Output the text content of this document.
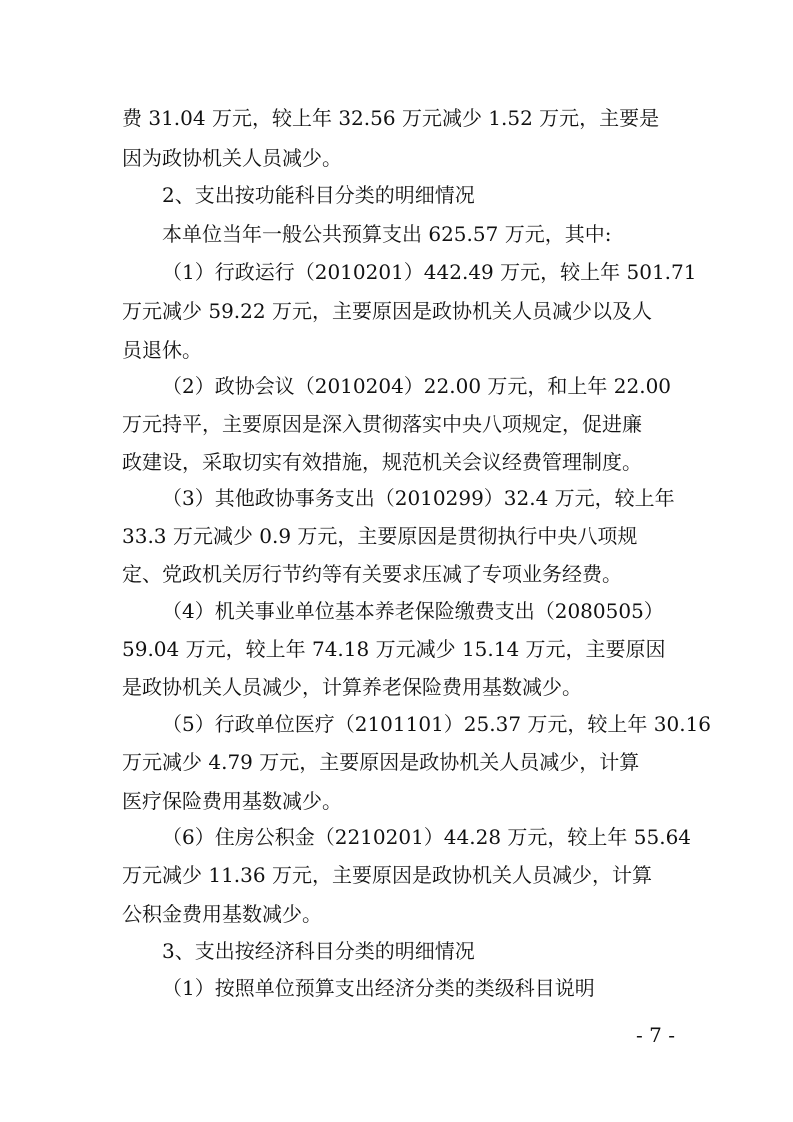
费 31.04 万元，较上年 32.56 万元减少 1.52 万元，主要是
因为政协机关人员减少。
2、支出按功能科目分类的明细情况
本单位当年一般公共预算支出 625.57 万元，其中:
（1）行政运行（2010201）442.49 万元，较上年 501.71
万元减少 59.22 万元，主要原因是政协机关人员减少以及人
员退休。
（2）政协会议（2010204）22.00 万元，和上年 22.00
万元持平，主要原因是深入贯彻落实中央八项规定，促进廉
政建设，采取切实有效措施，规范机关会议经费管理制度。
（3）其他政协事务支出（2010299）32.4 万元，较上年
33.3 万元减少 0.9 万元，主要原因是贯彻执行中央八项规
定、党政机关厉行节约等有关要求压减了专项业务经费。
（4）机关事业单位基本养老保险缴费支出（2080505）
59.04 万元，较上年 74.18 万元减少 15.14 万元，主要原因
是政协机关人员减少，计算养老保险费用基数减少。
（5）行政单位医疗（2101101）25.37 万元，较上年 30.16
万元减少 4.79 万元，主要原因是政协机关人员减少，计算
医疗保险费用基数减少。
（6）住房公积金（2210201）44.28 万元，较上年 55.64
万元减少 11.36 万元，主要原因是政协机关人员减少，计算
公积金费用基数减少。
3、支出按经济科目分类的明细情况
（1）按照单位预算支出经济分类的类级科目说明
- 7 -
